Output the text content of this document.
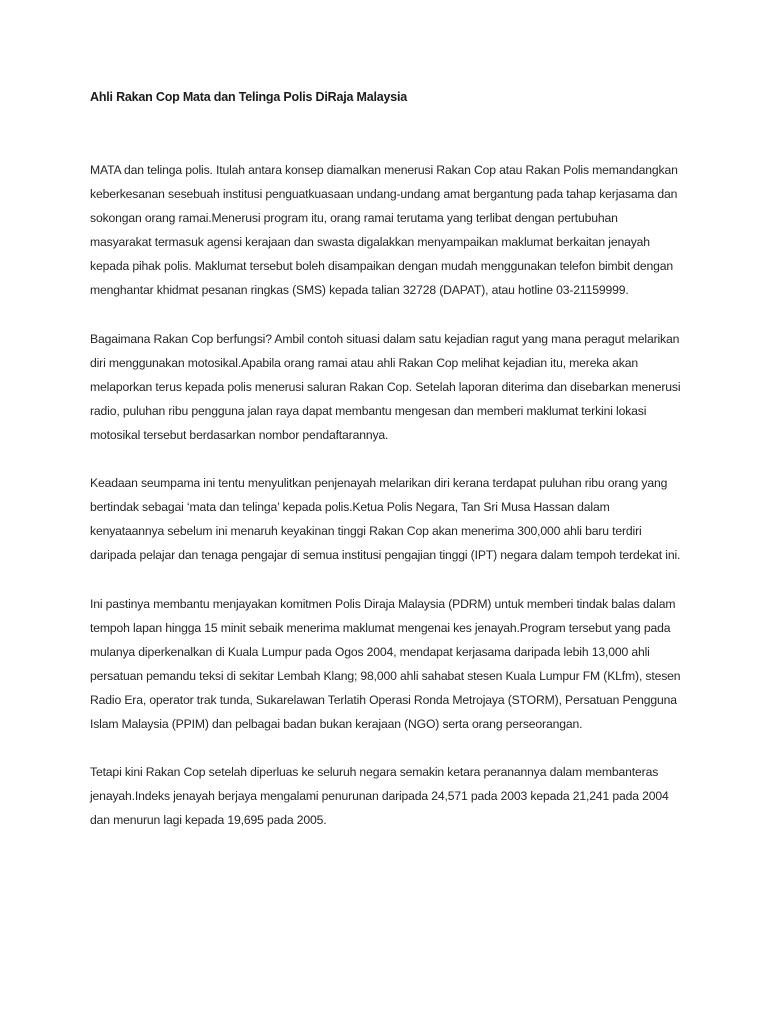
Ahli Rakan Cop Mata dan Telinga Polis DiRaja Malaysia

MATA dan telinga polis. Itulah antara konsep diamalkan menerusi Rakan Cop atau Rakan Polis memandangkan keberkesanan sesebuah institusi penguatkuasaan undang-undang amat bergantung pada tahap kerjasama dan sokongan orang ramai.Menerusi program itu, orang ramai terutama yang terlibat dengan pertubuhan masyarakat termasuk agensi kerajaan dan swasta digalakkan menyampaikan maklumat berkaitan jenayah kepada pihak polis. Maklumat tersebut boleh disampaikan dengan mudah menggunakan telefon bimbit dengan menghantar khidmat pesanan ringkas (SMS) kepada talian 32728 (DAPAT), atau hotline 03-21159999.

Bagaimana Rakan Cop berfungsi? Ambil contoh situasi dalam satu kejadian ragut yang mana peragut melarikan diri menggunakan motosikal.Apabila orang ramai atau ahli Rakan Cop melihat kejadian itu, mereka akan melaporkan terus kepada polis menerusi saluran Rakan Cop. Setelah laporan diterima dan disebarkan menerusi radio, puluhan ribu pengguna jalan raya dapat membantu mengesan dan memberi maklumat terkini lokasi motosikal tersebut berdasarkan nombor pendaftarannya.

Keadaan seumpama ini tentu menyulitkan penjenayah melarikan diri kerana terdapat puluhan ribu orang yang bertindak sebagai ‘mata dan telinga’ kepada polis.Ketua Polis Negara, Tan Sri Musa Hassan dalam kenyataannya sebelum ini menaruh keyakinan tinggi Rakan Cop akan menerima 300,000 ahli baru terdiri daripada pelajar dan tenaga pengajar di semua institusi pengajian tinggi (IPT) negara dalam tempoh terdekat ini.

Ini pastinya membantu menjayakan komitmen Polis Diraja Malaysia (PDRM) untuk memberi tindak balas dalam tempoh lapan hingga 15 minit sebaik menerima maklumat mengenai kes jenayah.Program tersebut yang pada mulanya diperkenalkan di Kuala Lumpur pada Ogos 2004, mendapat kerjasama daripada lebih 13,000 ahli persatuan pemandu teksi di sekitar Lembah Klang; 98,000 ahli sahabat stesen Kuala Lumpur FM (KLfm), stesen Radio Era, operator trak tunda, Sukarelawan Terlatih Operasi Ronda Metrojaya (STORM), Persatuan Pengguna Islam Malaysia (PPIM) dan pelbagai badan bukan kerajaan (NGO) serta orang perseorangan.

Tetapi kini Rakan Cop setelah diperluas ke seluruh negara semakin ketara peranannya dalam membanteras jenayah.Indeks jenayah berjaya mengalami penurunan daripada 24,571 pada 2003 kepada 21,241 pada 2004 dan menurun lagi kepada 19,695 pada 2005.
